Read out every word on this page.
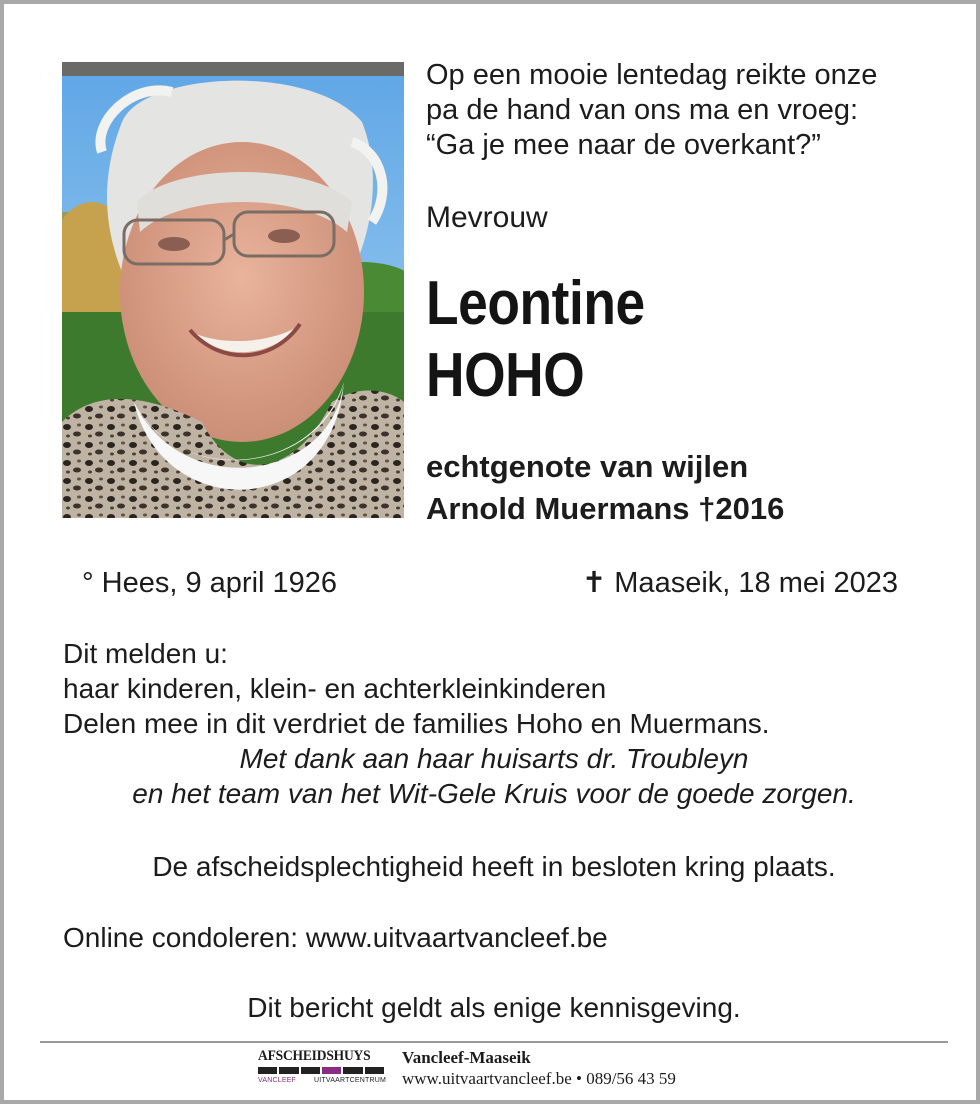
Op een mooie lentedag reikte onze
pa de hand van ons ma en vroeg:
“Ga je mee naar de overkant?”
Mevrouw
Leontine
HOHO
echtgenote van wijlen
Arnold Muermans †2016
° Hees, 9 april 1926	✝ Maaseik, 18 mei 2023
Dit melden u:
haar kinderen, klein- en achterkleinkinderen
Delen mee in dit verdriet de families Hoho en Muermans.
Met dank aan haar huisarts dr. Troubleyn
en het team van het Wit-Gele Kruis voor de goede zorgen.
De afscheidsplechtigheid heeft in besloten kring plaats.
Online condoleren: www.uitvaartvancleef.be
Dit bericht geldt als enige kennisgeving.
AFSCHEIDSHUYS
VANCLEEF	UITVAARTCENTRUM
Vancleef-Maaseik
www.uitvaartvancleef.be • 089/56 43 59
